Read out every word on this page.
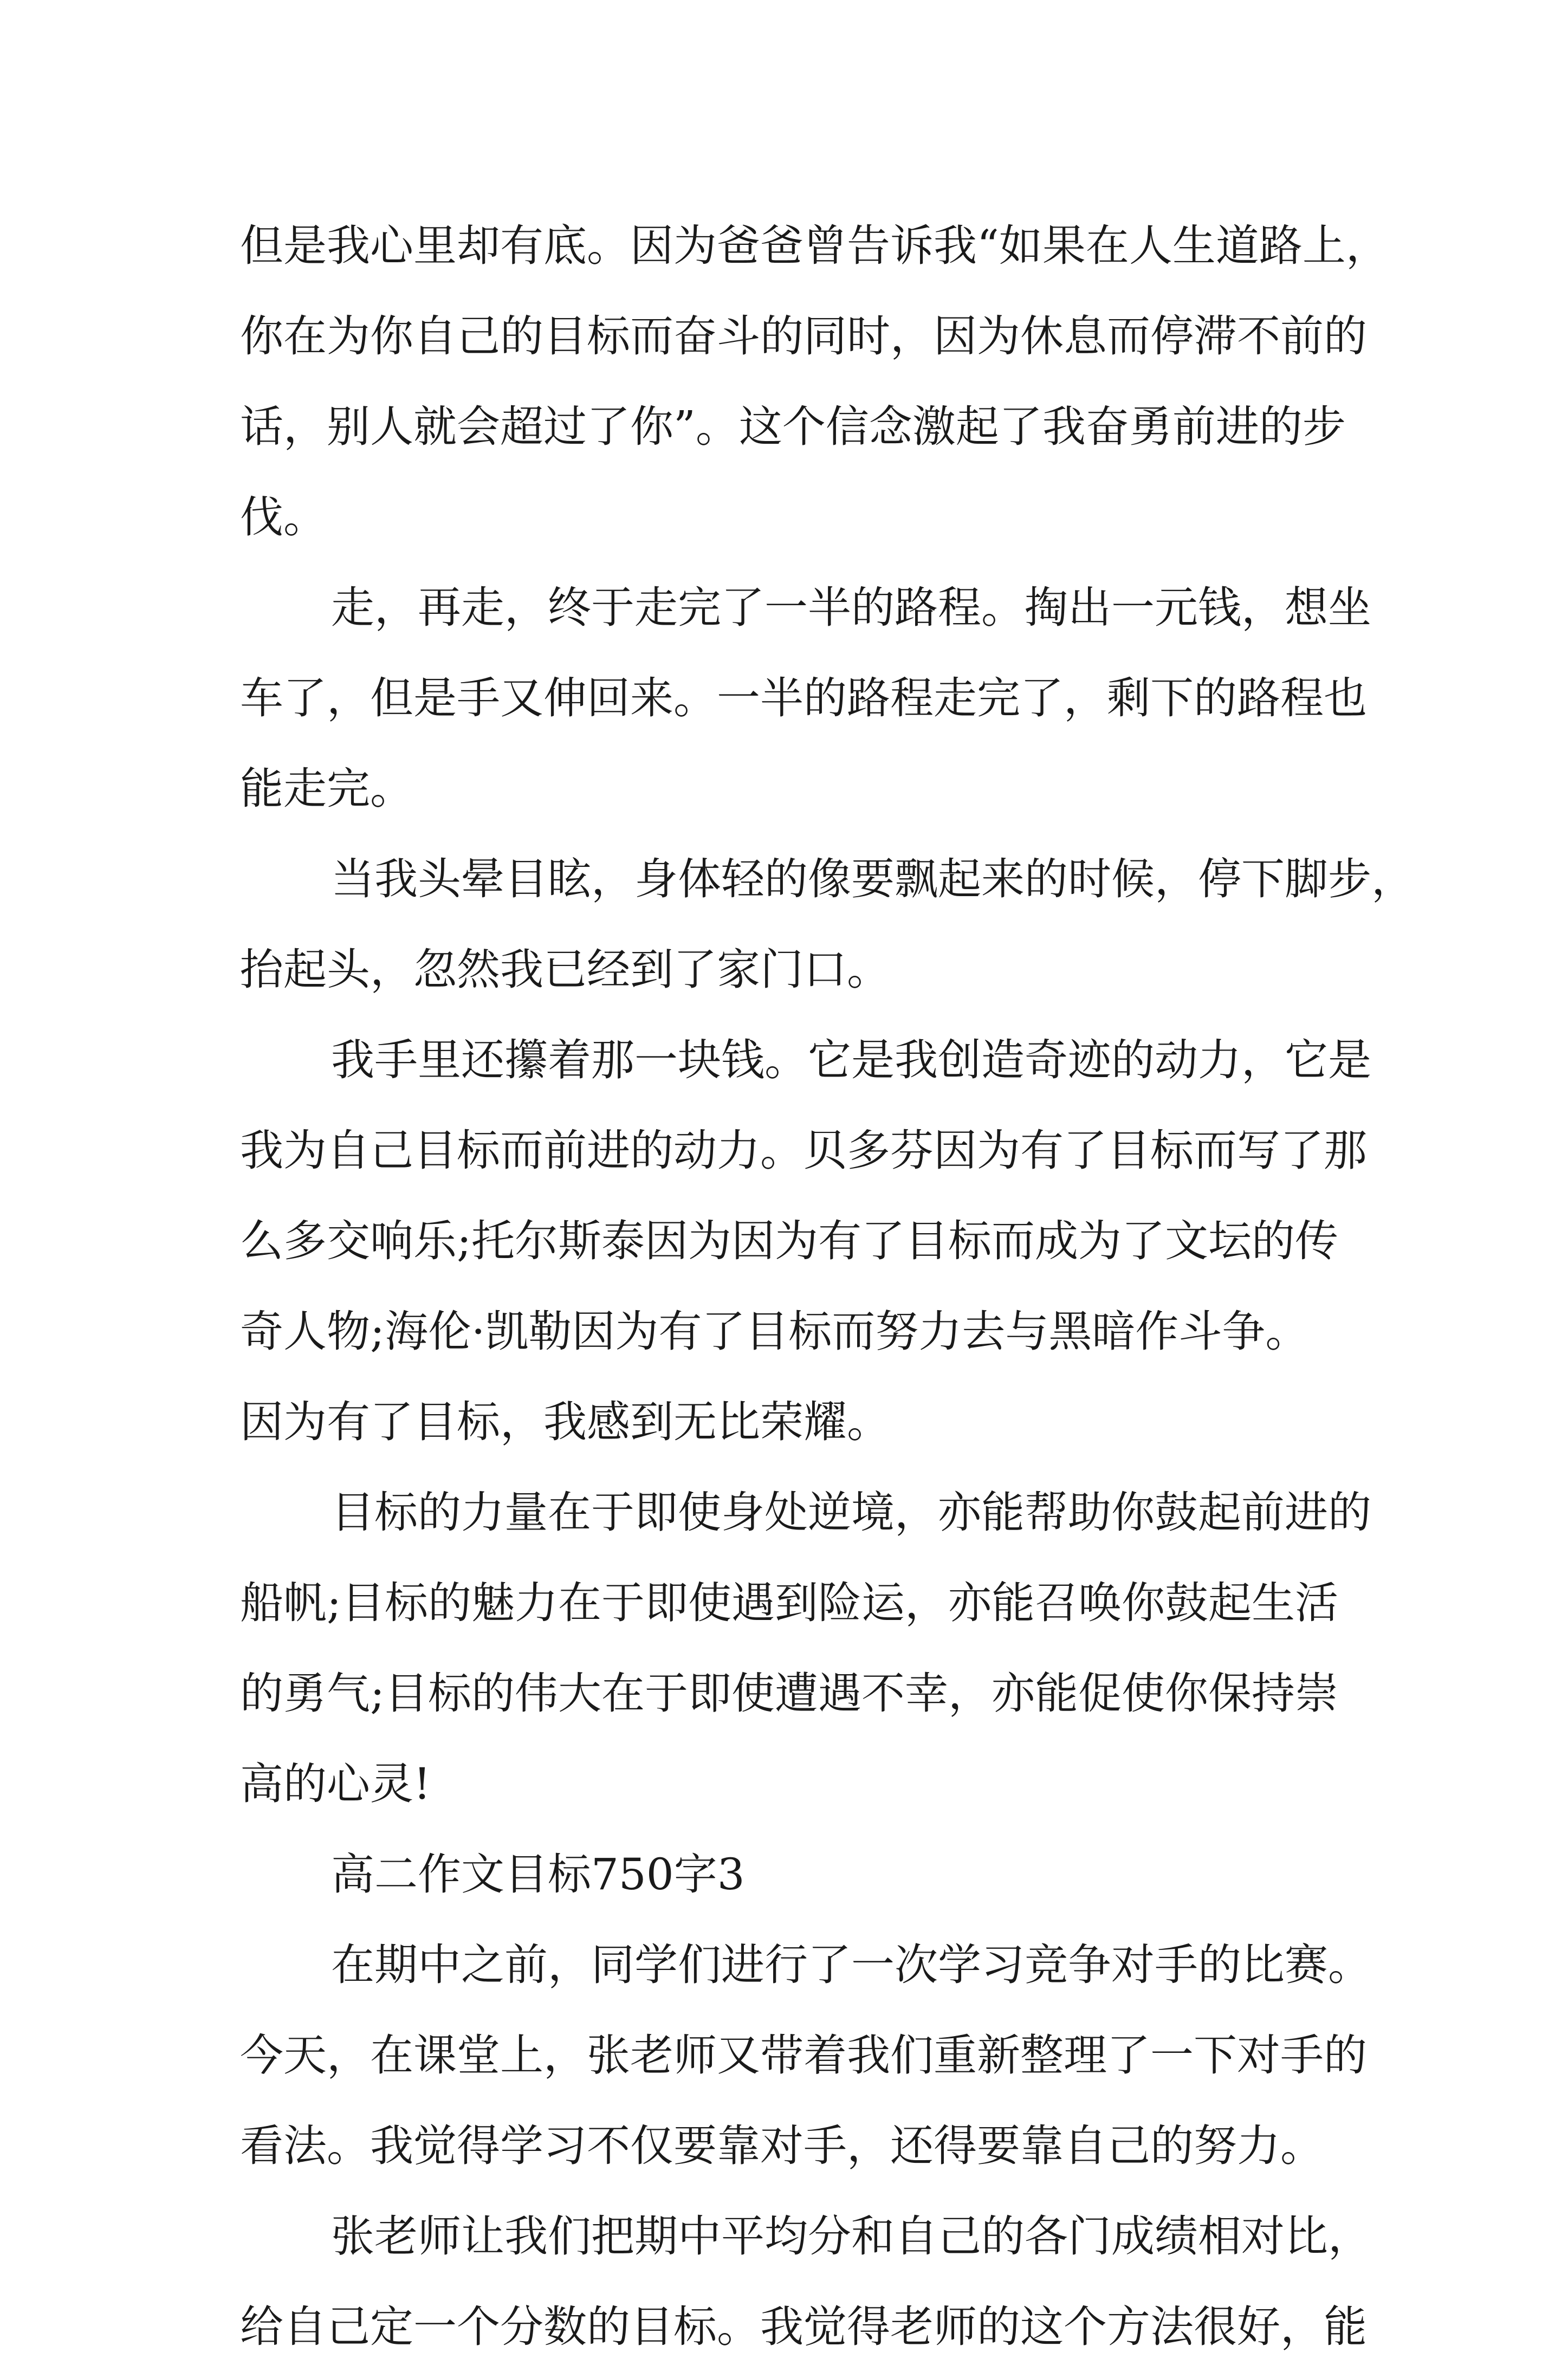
但是我心里却有底。因为爸爸曾告诉我“如果在人生道路上，
你在为你自己的目标而奋斗的同时，因为休息而停滞不前的
话，别人就会超过了你”。这个信念激起了我奋勇前进的步
伐。
走，再走，终于走完了一半的路程。掏出一元钱，想坐
车了，但是手又伸回来。一半的路程走完了，剩下的路程也
能走完。
当我头晕目眩，身体轻的像要飘起来的时候，停下脚步，
抬起头，忽然我已经到了家门口。
我手里还攥着那一块钱。它是我创造奇迹的动力，它是
我为自己目标而前进的动力。贝多芬因为有了目标而写了那
么多交响乐;托尔斯泰因为因为有了目标而成为了文坛的传
奇人物;海伦·凯勒因为有了目标而努力去与黑暗作斗争。
因为有了目标，我感到无比荣耀。
目标的力量在于即使身处逆境，亦能帮助你鼓起前进的
船帆;目标的魅力在于即使遇到险运，亦能召唤你鼓起生活
的勇气;目标的伟大在于即使遭遇不幸，亦能促使你保持崇
高的心灵!
高二作文目标750字3
在期中之前，同学们进行了一次学习竞争对手的比赛。
今天，在课堂上，张老师又带着我们重新整理了一下对手的
看法。我觉得学习不仅要靠对手，还得要靠自己的努力。
张老师让我们把期中平均分和自己的各门成绩相对比，
给自己定一个分数的目标。我觉得老师的这个方法很好，能
